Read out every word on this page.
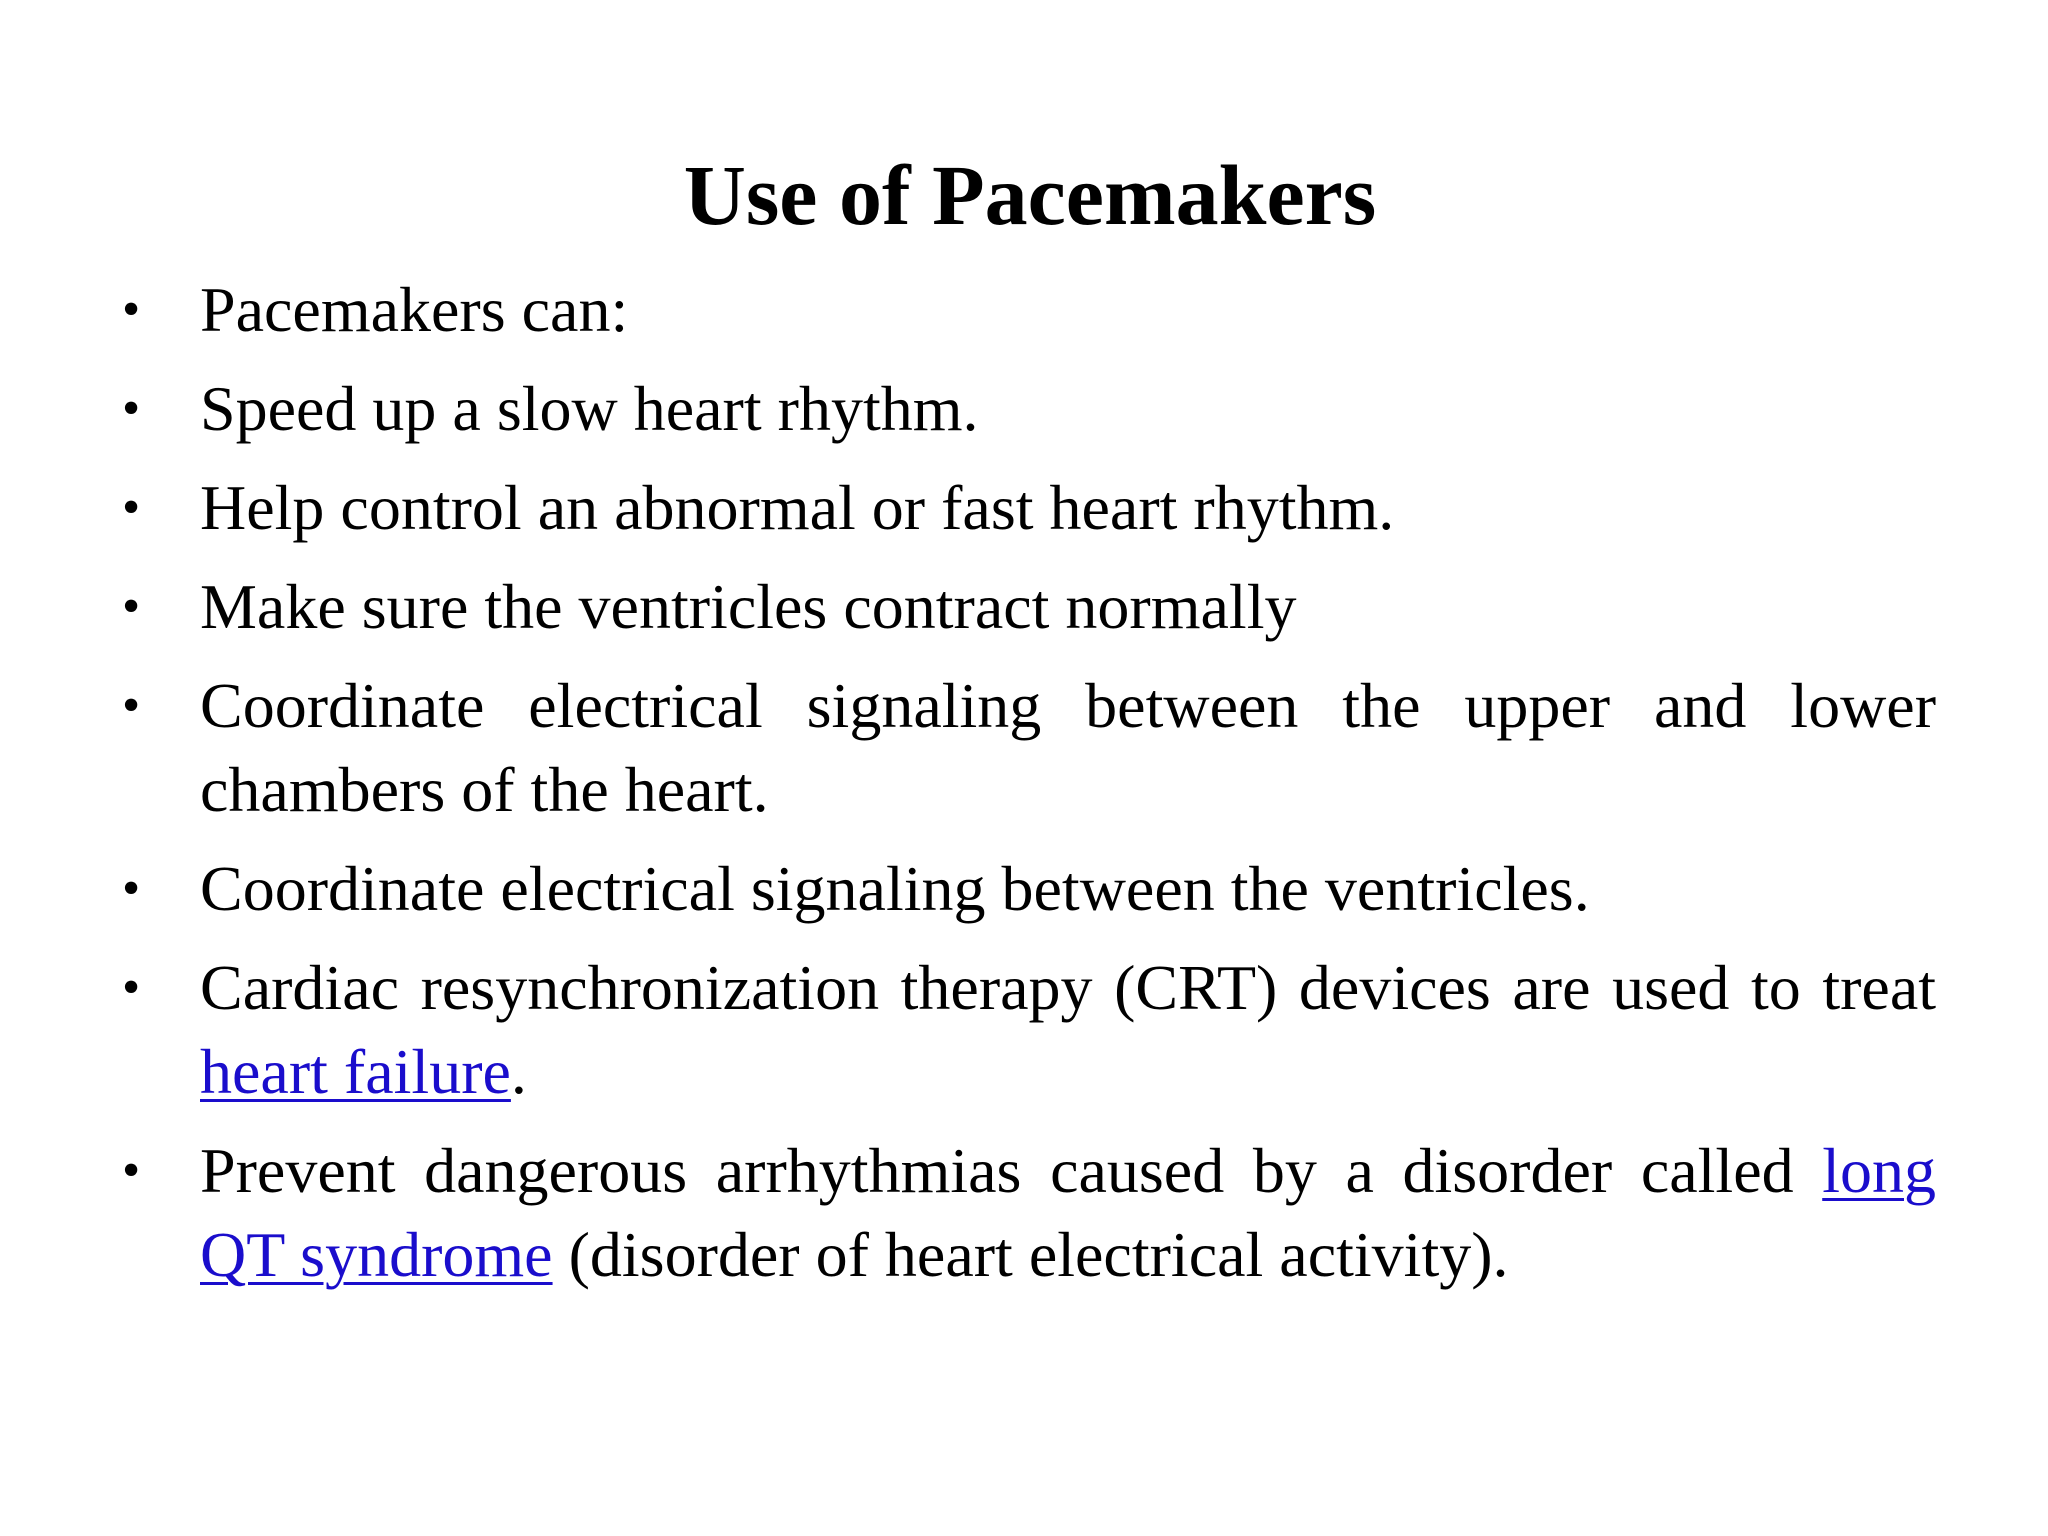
Use of Pacemakers
• Pacemakers can:
• Speed up a slow heart rhythm.
• Help control an abnormal or fast heart rhythm.
• Make sure the ventricles contract normally
• Coordinate electrical signaling between the upper and lower chambers of the heart.
• Coordinate electrical signaling between the ventricles.
• Cardiac resynchronization therapy (CRT) devices are used to treat heart failure.
• Prevent dangerous arrhythmias caused by a disorder called long QT syndrome (disorder of heart electrical activity).
